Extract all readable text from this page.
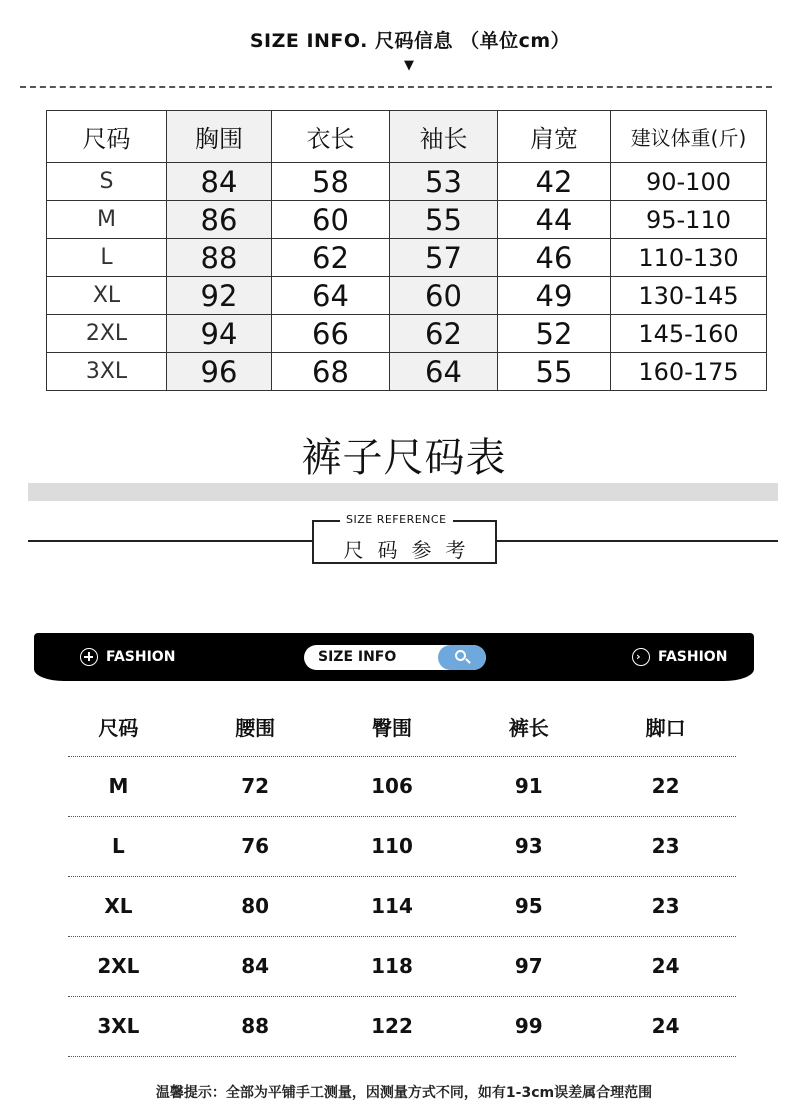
SIZE INFO. 尺码信息 （单位cm）
▼
尺码	胸围	衣长	袖长	肩宽	建议体重(斤)
S	84	58	53	42	90-100
M	86	60	55	44	95-110
L	88	62	57	46	110-130
XL	92	64	60	49	130-145
2XL	94	66	62	52	145-160
3XL	96	68	64	55	160-175
裤子尺码表
SIZE REFERENCE
尺码参考
FASHION	SIZE INFO	› FASHION
尺码	腰围	臀围	裤长	脚口
M	72	106	91	22
L	76	110	93	23
XL	80	114	95	23
2XL	84	118	97	24
3XL	88	122	99	24
温馨提示：全部为平铺手工测量，因测量方式不同，如有1-3cm误差属合理范围
